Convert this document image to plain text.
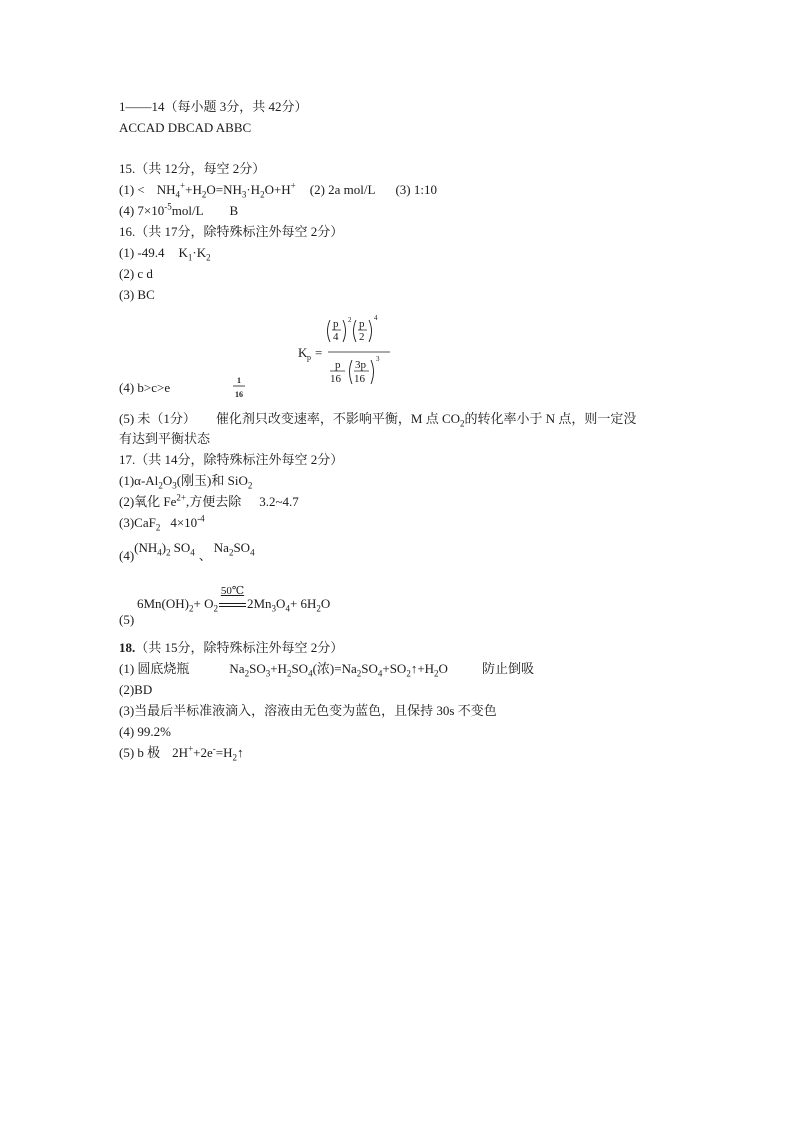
1——14（每小题 3分，共 42分）
ACCAD DBCAD ABBC
15.（共 12分，每空 2分）
$(1) < NH_4^++H_2O=NH_3\cdot H_2O+H^+$ (2) 2a mol/L (3) 1:10
(4) $7\times 10^{-5}mol/L$ B
16.（共 17分，除特殊标注外每空 2分）
(1) -49.4 $K_1\cdot K_2$
(2) c d
(3) BC
K p =
p
4
2 p
2
4
p
16
3p
16
3
(4) b>c>e	1
16
(5) 未（1分） 催化剂只改变速率，不影响平衡，M 点 $CO_2$的转化率小于 N 点，则一定没
有达到平衡状态
17.（共 14分，除特殊标注外每空 2分）
$(1)\alpha-Al_2O_3$(刚玉)和 SiO$_2$
(2)氧化 $Fe^{2+}$,方便去除 3.2~4.7
(3)CaF$_2$ $4\times 10^{-4}$
$(4)(NH_4)_2$ $SO_4$ 、$Na_2SO_4$
$6Mn(OH)_2+ O_2$
50℃
$2Mn_3O_4+ 6H_2O$
(5)
18.（共 15分，除特殊标注外每空 2分）
(1) 圆底烧瓶	$Na_2SO_3+H_2SO_4$(浓)$=Na_2SO_4+SO_2↑+H_2O$	防止倒吸
(2)BD
(3)当最后半标准液滴入，溶液由无色变为蓝色，且保持 30s 不变色
(4) 99.2%
(5) b 极 $2H^++2e^-=H_2↑$
